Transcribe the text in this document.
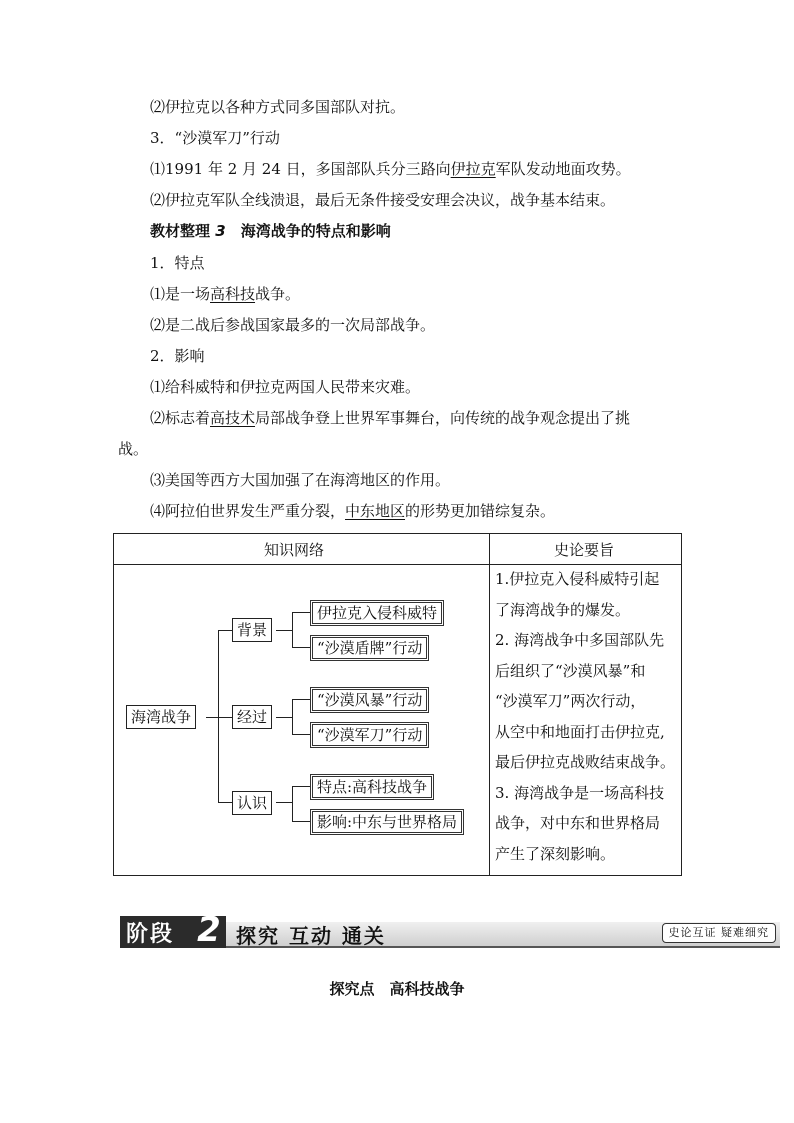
⑵伊拉克以各种方式同多国部队对抗。
3．“沙漠军刀”行动
⑴1991 年 2 月 24 日，多国部队兵分三路向伊拉克军队发动地面攻势。
⑵伊拉克军队全线溃退，最后无条件接受安理会决议，战争基本结束。
教材整理 3　 海湾战争的特点和影响
1．特点
⑴是一场高科技战争。
⑵是二战后参战国家最多的一次局部战争。
2．影响
⑴给科威特和伊拉克两国人民带来灾难。
⑵标志着高技术局部战争登上世界军事舞台，向传统的战争观念提出了挑
战。
⑶美国等西方大国加强了在海湾地区的作用。
⑷阿拉伯世界发生严重分裂，中东地区的形势更加错综复杂。
知识网络	史论要旨
海湾战争
背景
经过
认识
伊拉克入侵科威特
“沙漠盾牌”行动
“沙漠风暴”行动
“沙漠军刀”行动
特点:高科技战争
影响:中东与世界格局
1.伊拉克入侵科威特引起
了海湾战争的爆发。
2. 海湾战争中多国部队先
后组织了“沙漠风暴”和
“沙漠军刀”两次行动，
从空中和地面打击伊拉克,
最后伊拉克战败结束战争。
3. 海湾战争是一场高科技
战争，对中东和世界格局
产生了深刻影响。
阶段 2 探究 互动 通关	史论互证 疑难细究
探究点　高科技战争
